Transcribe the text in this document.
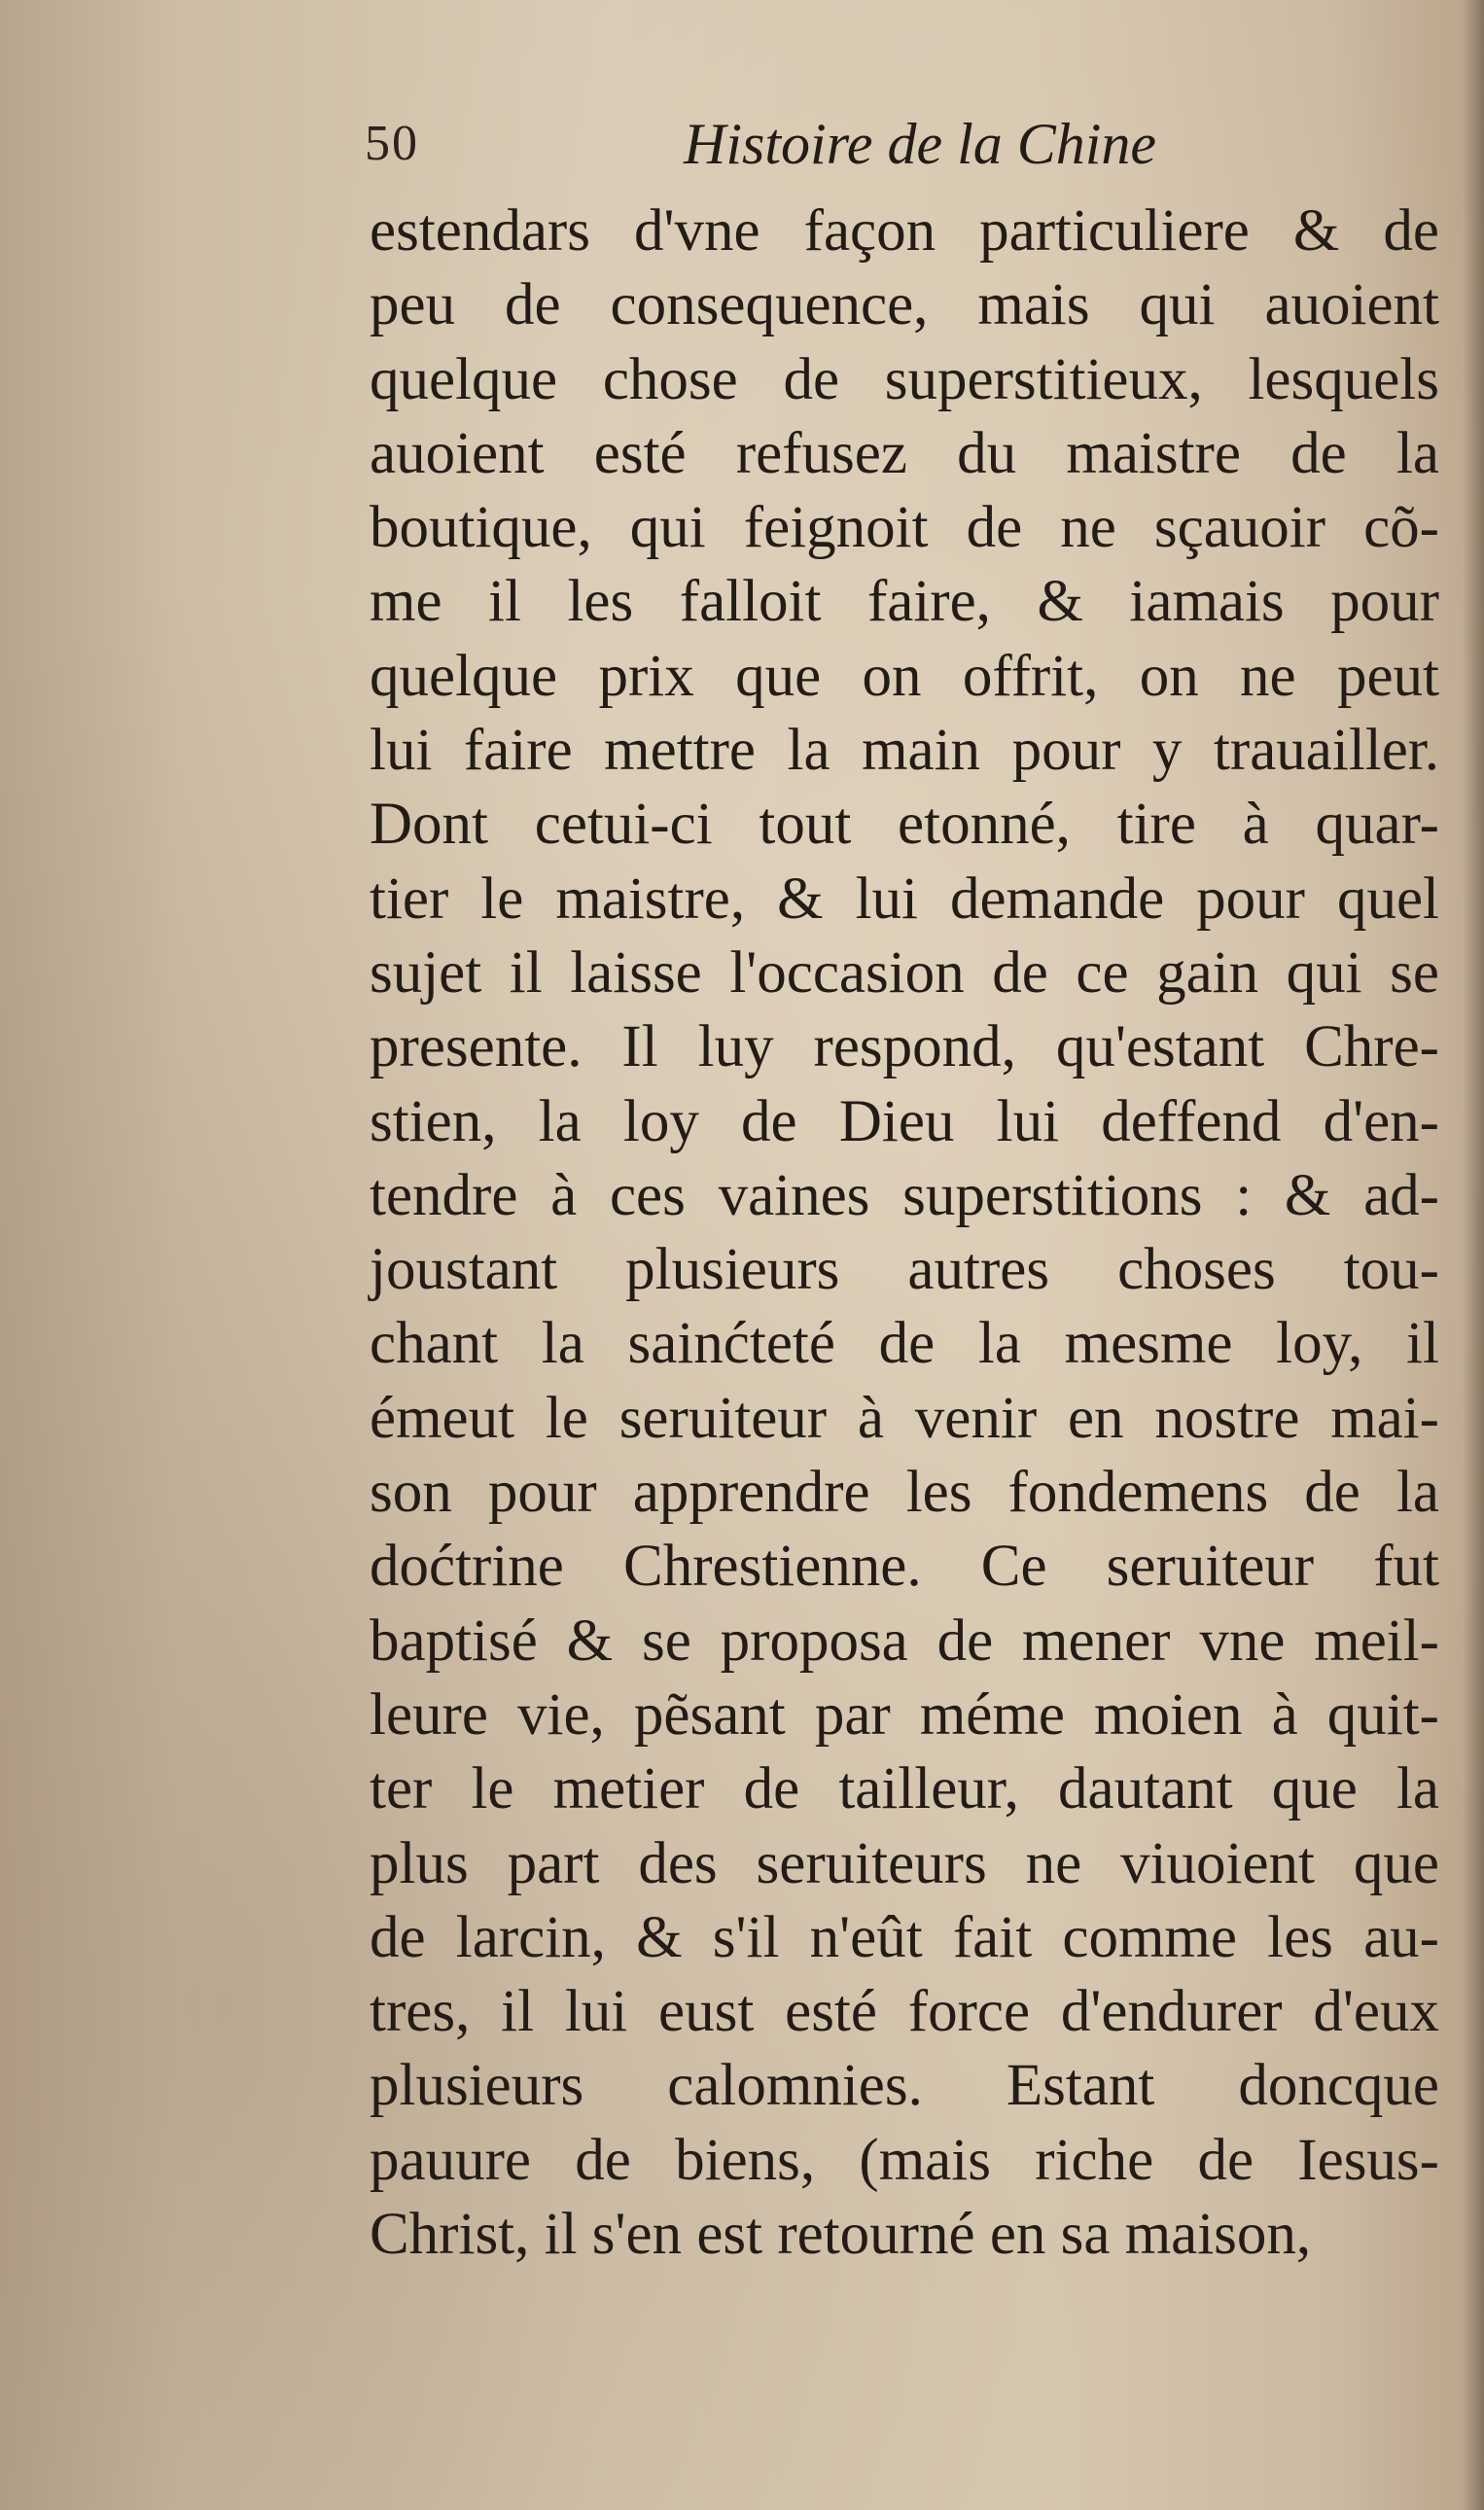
50	Histoire de la Chine
estendars d'vne façon particuliere & de
peu de consequence, mais qui auoient
quelque chose de superstitieux, lesquels
auoient esté refusez du maistre de la
boutique, qui feignoit de ne sçauoir cõ-
me il les falloit faire, & iamais pour
quelque prix que on offrit, on ne peut
lui faire mettre la main pour y trauailler.
Dont cetui-ci tout etonné, tire à quar-
tier le maistre, & lui demande pour quel
sujet il laisse l'occasion de ce gain qui se
presente. Il luy respond, qu'estant Chre-
stien, la loy de Dieu lui deffend d'en-
tendre à ces vaines superstitions : & ad-
joustant plusieurs autres choses tou-
chant la sainćteté de la mesme loy, il
émeut le seruiteur à venir en nostre mai-
son pour apprendre les fondemens de la
doćtrine Chrestienne. Ce seruiteur fut
baptisé & se proposa de mener vne meil-
leure vie, pẽsant par méme moien à quit-
ter le metier de tailleur, dautant que la
plus part des seruiteurs ne viuoient que
de larcin, & s'il n'eût fait comme les au-
tres, il lui eust esté force d'endurer d'eux
plusieurs calomnies. Estant doncque
pauure de biens, (mais riche de Iesus-
Christ, il s'en est retourné en sa maison,
